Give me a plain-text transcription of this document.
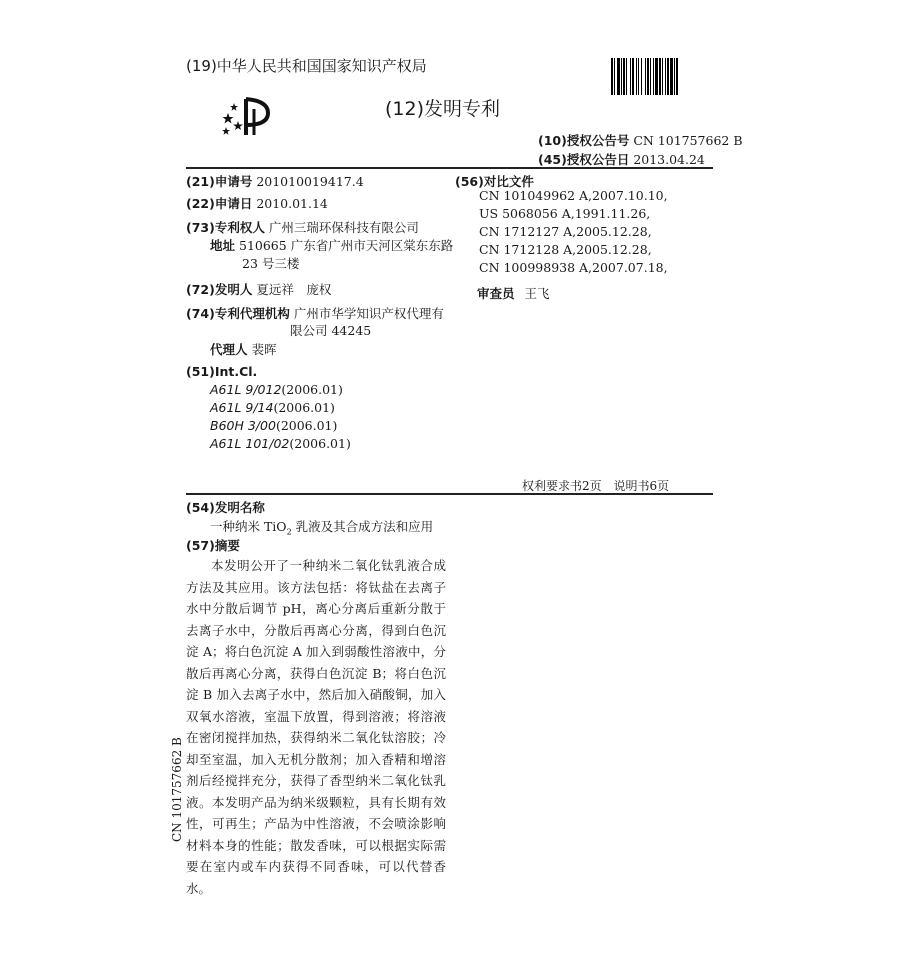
(19)中华人民共和国国家知识产权局
(12)发明专利
(10)授权公告号 CN 101757662 B
(45)授权公告日 2013.04.24
(21)申请号 201010019417.4
(22)申请日 2010.01.14
(73)专利权人 广州三瑞环保科技有限公司
地址 510665 广东省广州市天河区棠东东路
23 号三楼
(72)发明人 夏远祥　庞权
(74)专利代理机构 广州市华学知识产权代理有
限公司 44245
代理人 裴晖
(51)Int.Cl.
A61L 9/012(2006.01)
A61L 9/14(2006.01)
B60H 3/00(2006.01)
A61L 101/02(2006.01)
(56)对比文件
CN 101049962 A,2007.10.10,
US 5068056 A,1991.11.26,
CN 1712127 A,2005.12.28,
CN 1712128 A,2005.12.28,
CN 100998938 A,2007.07.18,
审查员 王飞
权利要求书2页 说明书6页
(54)发明名称
一种纳米 TiO$_2$ 乳液及其合成方法和应用
(57)摘要
本发明公开了一种纳米二氧化钛乳液合成方法及其应用。该方法包括：将钛盐在去离子水中分散后调节 pH，离心分离后重新分散于去离子水中，分散后再离心分离，得到白色沉淀 A；将白色沉淀 A 加入到弱酸性溶液中，分散后再离心分离，获得白色沉淀 B；将白色沉淀 B 加入去离子水中，然后加入硝酸铜，加入双氧水溶液，室温下放置，得到溶液；将溶液在密闭搅拌加热，获得纳米二氧化钛溶胶；冷却至室温，加入无机分散剂；加入香精和增溶剂后经搅拌充分，获得了香型纳米二氧化钛乳液。本发明产品为纳米级颗粒，具有长期有效性，可再生；产品为中性溶液，不会喷涂影响材料本身的性能；散发香味，可以根据实际需要在室内或车内获得不同香味，可以代替香水。
CN 101757662 B
